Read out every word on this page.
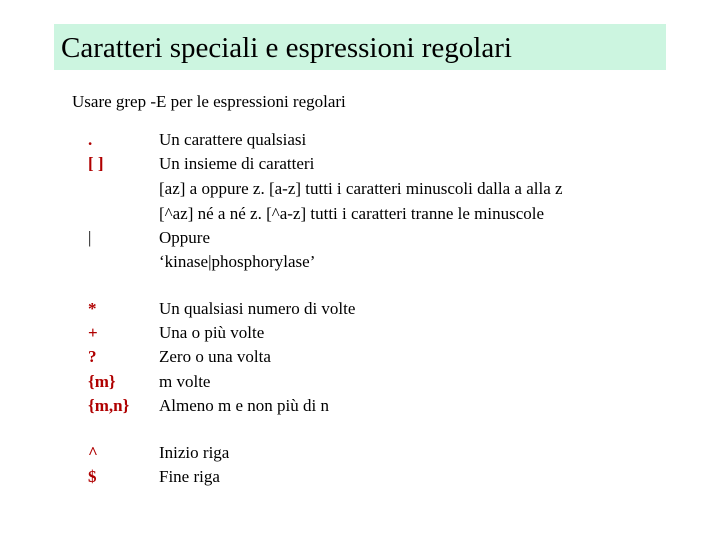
Caratteri speciali e espressioni regolari
Usare grep -E per le espressioni regolari
.
[ ]
|
Un carattere qualsiasi
Un insieme di caratteri
[az] a oppure z. [a-z] tutti i caratteri minuscoli dalla a alla z
[^az] né a né z. [^a-z] tutti i caratteri tranne le minuscole
Oppure
‘kinase|phosphorylase’
*
+
?
{m}
{m,n}
Un qualsiasi numero di volte
Una o più volte
Zero o una volta
m volte
Almeno m e non più di n
^
$
Inizio riga
Fine riga
